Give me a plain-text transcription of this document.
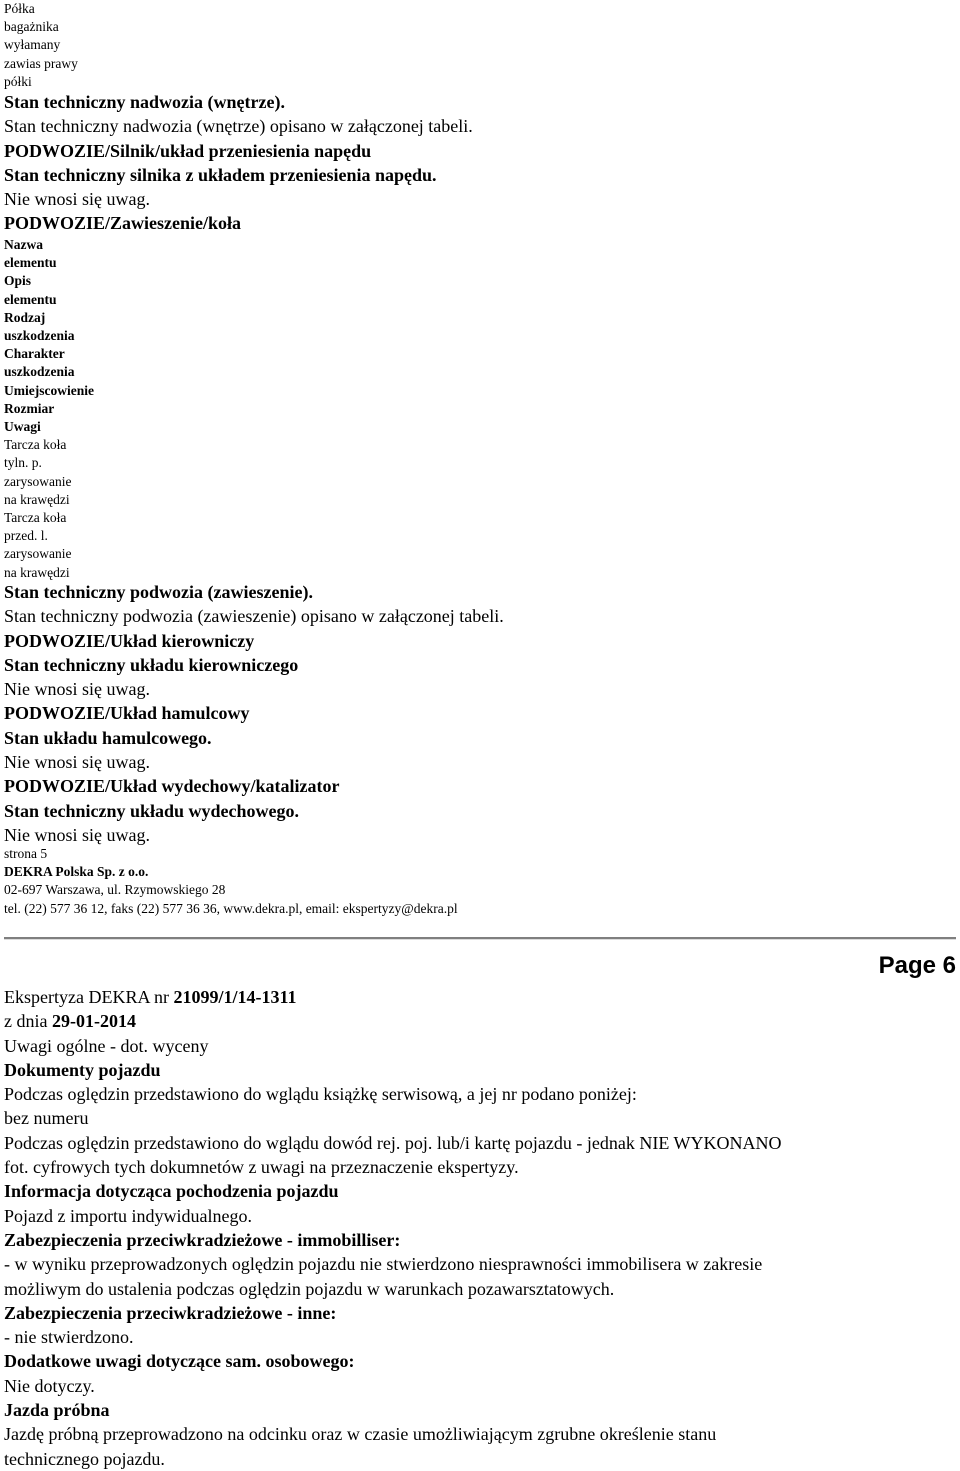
Półka
bagażnika
wyłamany
zawias prawy
półki
Stan techniczny nadwozia (wnętrze).
Stan techniczny nadwozia (wnętrze) opisano w załączonej tabeli.
PODWOZIE/Silnik/układ przeniesienia napędu
Stan techniczny silnika z układem przeniesienia napędu.
Nie wnosi się uwag.
PODWOZIE/Zawieszenie/koła
Nazwa
elementu
Opis
elementu
Rodzaj
uszkodzenia
Charakter
uszkodzenia
Umiejscowienie
Rozmiar
Uwagi
Tarcza koła
tyln. p.
zarysowanie
na krawędzi
Tarcza koła
przed. l.
zarysowanie
na krawędzi
Stan techniczny podwozia (zawieszenie).
Stan techniczny podwozia (zawieszenie) opisano w załączonej tabeli.
PODWOZIE/Układ kierowniczy
Stan techniczny układu kierowniczego
Nie wnosi się uwag.
PODWOZIE/Układ hamulcowy
Stan układu hamulcowego.
Nie wnosi się uwag.
PODWOZIE/Układ wydechowy/katalizator
Stan techniczny układu wydechowego.
Nie wnosi się uwag.
strona 5
DEKRA Polska Sp. z o.o.
02-697 Warszawa, ul. Rzymowskiego 28
tel. (22) 577 36 12, faks (22) 577 36 36, www.dekra.pl, email: ekspertyzy@dekra.pl
Page 6
Ekspertyza DEKRA nr 21099/1/14-1311
z dnia 29-01-2014
Uwagi ogólne - dot. wyceny
Dokumenty pojazdu
Podczas oględzin przedstawiono do wglądu książkę serwisową, a jej nr podano poniżej:
bez numeru
Podczas oględzin przedstawiono do wglądu dowód rej. poj. lub/i kartę pojazdu - jednak NIE WYKONANO
fot. cyfrowych tych dokumnetów z uwagi na przeznaczenie ekspertyzy.
Informacja dotycząca pochodzenia pojazdu
Pojazd z importu indywidualnego.
Zabezpieczenia przeciwkradzieżowe - immobilliser:
- w wyniku przeprowadzonych oględzin pojazdu nie stwierdzono niesprawności immobilisera w zakresie
możliwym do ustalenia podczas oględzin pojazdu w warunkach pozawarsztatowych.
Zabezpieczenia przeciwkradzieżowe - inne:
- nie stwierdzono.
Dodatkowe uwagi dotyczące sam. osobowego:
Nie dotyczy.
Jazda próbna
Jazdę próbną przeprowadzono na odcinku oraz w czasie umożliwiającym zgrubne określenie stanu
technicznego pojazdu.
